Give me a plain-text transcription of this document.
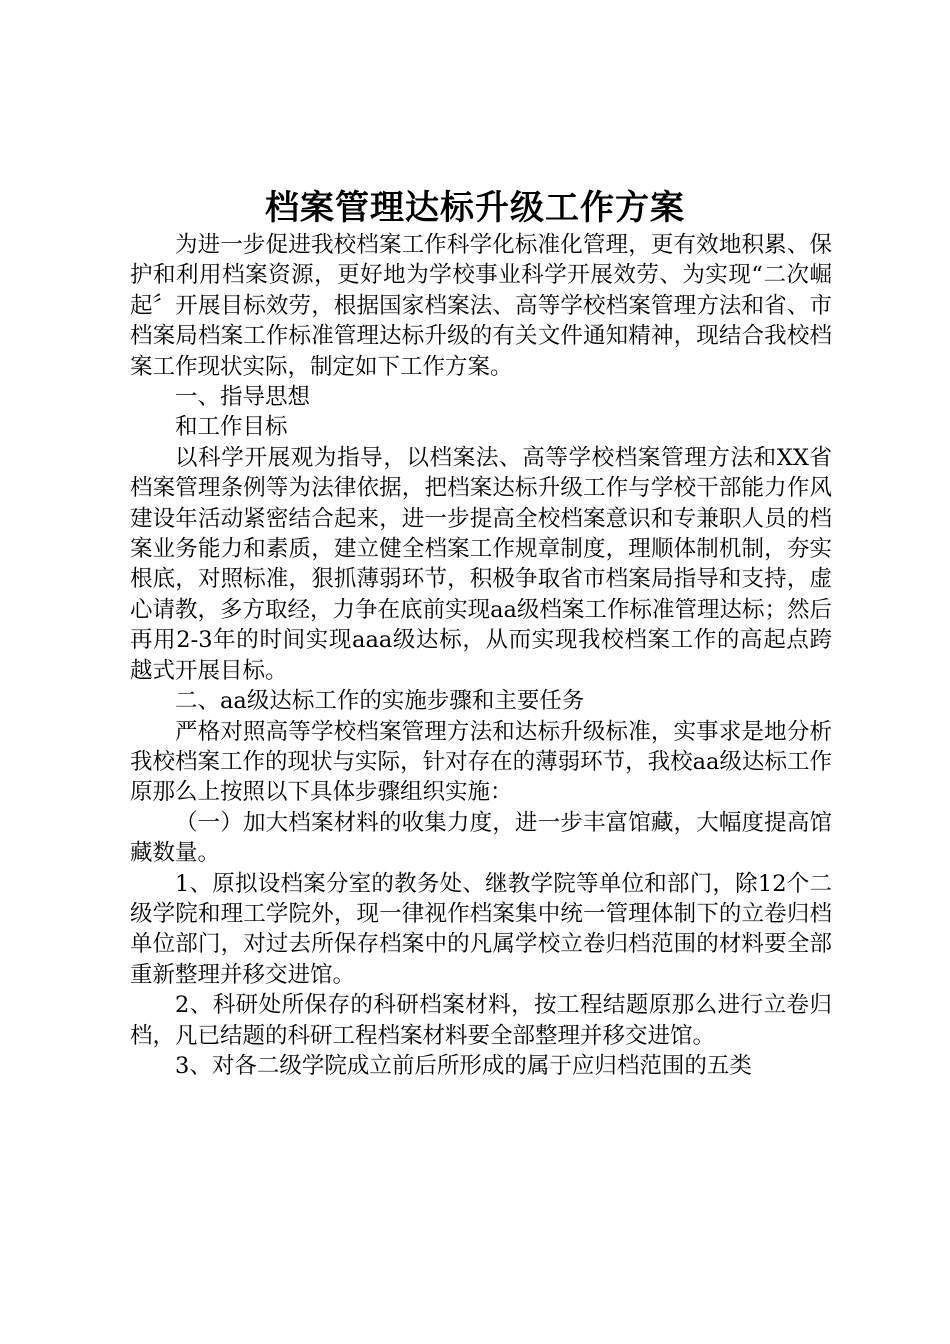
档案管理达标升级工作方案

为进一步促进我校档案工作科学化标准化管理，更有效地积累、保护和利用档案资源，更好地为学校事业科学开展效劳、为实现“二次崛起〞开展目标效劳，根据国家档案法、高等学校档案管理方法和省、市档案局档案工作标准管理达标升级的有关文件通知精神，现结合我校档案工作现状实际，制定如下工作方案。

一、指导思想

和工作目标

以科学开展观为指导，以档案法、高等学校档案管理方法和XX省档案管理条例等为法律依据，把档案达标升级工作与学校干部能力作风建设年活动紧密结合起来，进一步提高全校档案意识和专兼职人员的档案业务能力和素质，建立健全档案工作规章制度，理顺体制机制，夯实根底，对照标准，狠抓薄弱环节，积极争取省市档案局指导和支持，虚心请教，多方取经，力争在底前实现aa级档案工作标准管理达标；然后再用2-3年的时间实现aaa级达标，从而实现我校档案工作的高起点跨越式开展目标。

二、aa级达标工作的实施步骤和主要任务

严格对照高等学校档案管理方法和达标升级标准，实事求是地分析我校档案工作的现状与实际，针对存在的薄弱环节，我校aa级达标工作原那么上按照以下具体步骤组织实施：

（一）加大档案材料的收集力度，进一步丰富馆藏，大幅度提高馆藏数量。

1、原拟设档案分室的教务处、继教学院等单位和部门，除12个二级学院和理工学院外，现一律视作档案集中统一管理体制下的立卷归档单位部门，对过去所保存档案中的凡属学校立卷归档范围的材料要全部重新整理并移交进馆。

2、科研处所保存的科研档案材料，按工程结题原那么进行立卷归档，凡已结题的科研工程档案材料要全部整理并移交进馆。

3、对各二级学院成立前后所形成的属于应归档范围的五类
